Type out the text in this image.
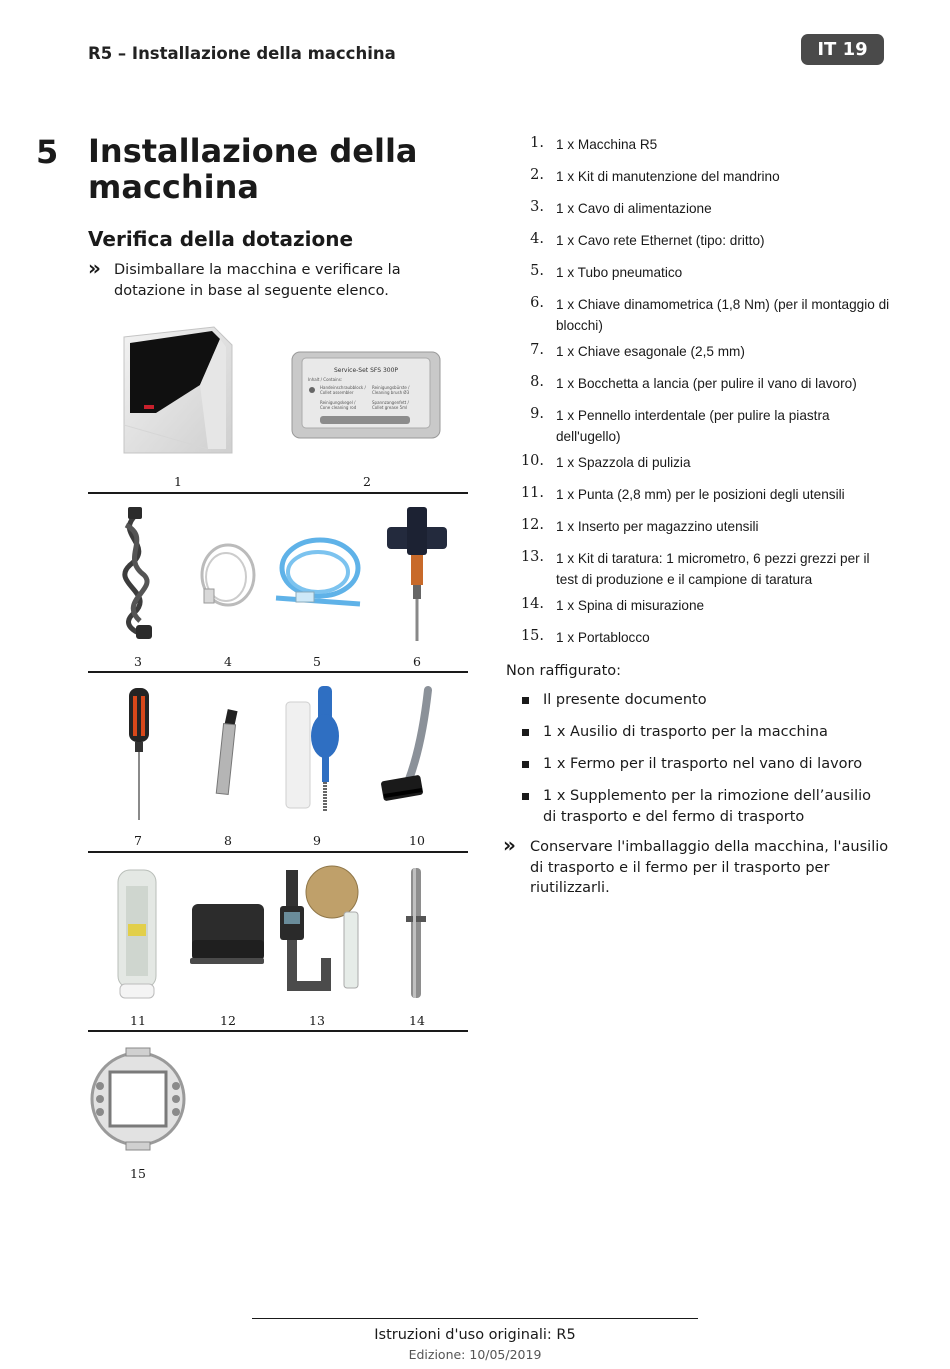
R5 – Installazione della macchina	IT 19
5 Installazione della macchina
Verifica della dotazione
» Disimballare la macchina e verificare la dotazione in base al seguente elenco.
Service-Set SFS 300P
Inhalt / Contains:
Handeinschraubblock /
Collet assembler
Reinigungsbürste /
Cleaning brush Ø3
Reinigungskegel /
Cone cleaning rod
Spannzangenfett /
Collet grease 5ml
1	2
3	4	5	6
7	8	9	10
11	12	13	14
15
1. 1 x Macchina R5
2. 1 x Kit di manutenzione del mandrino
3. 1 x Cavo di alimentazione
4. 1 x Cavo rete Ethernet (tipo: dritto)
5. 1 x Tubo pneumatico
6. 1 x Chiave dinamometrica (1,8 Nm) (per il montaggio di blocchi)
7. 1 x Chiave esagonale (2,5 mm)
8. 1 x Bocchetta a lancia (per pulire il vano di lavoro)
9. 1 x Pennello interdentale (per pulire la piastra dell'ugello)
10. 1 x Spazzola di pulizia
11. 1 x Punta (2,8 mm) per le posizioni degli utensili
12. 1 x Inserto per magazzino utensili
13. 1 x Kit di taratura: 1 micrometro, 6 pezzi grezzi per il test di produzione e il campione di taratura
14. 1 x Spina di misurazione
15. 1 x Portablocco
Non raffigurato:
Il presente documento
1 x Ausilio di trasporto per la macchina
1 x Fermo per il trasporto nel vano di lavoro
1 x Supplemento per la rimozione dell’ausilio di trasporto e del fermo di trasporto
» Conservare l'imballaggio della macchina, l'ausilio di trasporto e il fermo per il trasporto per riutilizzarli.
Istruzioni d'uso originali: R5
Edizione: 10/05/2019
